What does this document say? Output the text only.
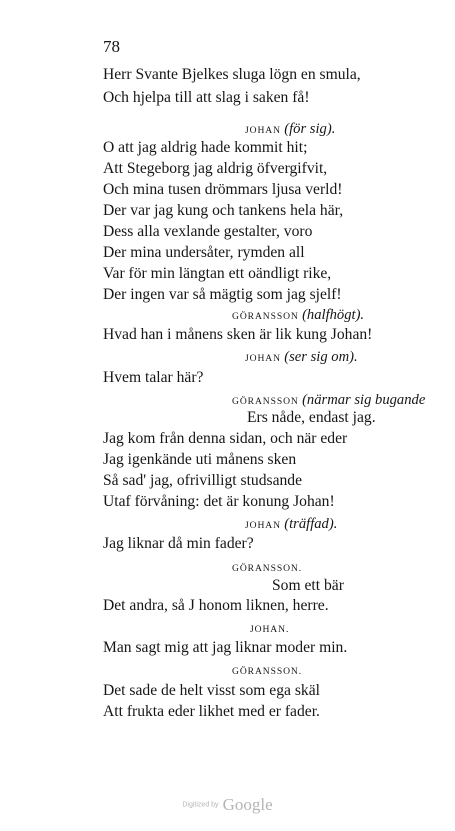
78
Herr Svante Bjelkes sluga lögn en smula,
Och hjelpa till att slag i saken få!
JOHAN (för sig).
O att jag aldrig hade kommit hit;
Att Stegeborg jag aldrig öfvergifvit,
Och mina tusen drömmars ljusa verld!
Der var jag kung och tankens hela här,
Dess alla vexlande gestalter, voro
Der mina undersåter, rymden all
Var för min längtan ett oändligt rike,
Der ingen var så mägtig som jag sjelf!
GÖRANSSON (halfhögt).
Hvad han i månens sken är lik kung Johan!
JOHAN (ser sig om).
Hvem talar här?
GÖRANSSON (närmar sig bugande
Ers nåde, endast jag.
Jag kom från denna sidan, och när eder
Jag igenkände uti månens sken
Så sad' jag, ofrivilligt studsande
Utaf förvåning: det är konung Johan!
JOHAN (träffad).
Jag liknar då min fader?
GÖRANSSON.
Som ett bär
Det andra, så J honom liknen, herre.
JOHAN.
Man sagt mig att jag liknar moder min.
GÖRANSSON.
Det sade de helt visst som ega skäl
Att frukta eder likhet med er fader.
Digitized by Google
